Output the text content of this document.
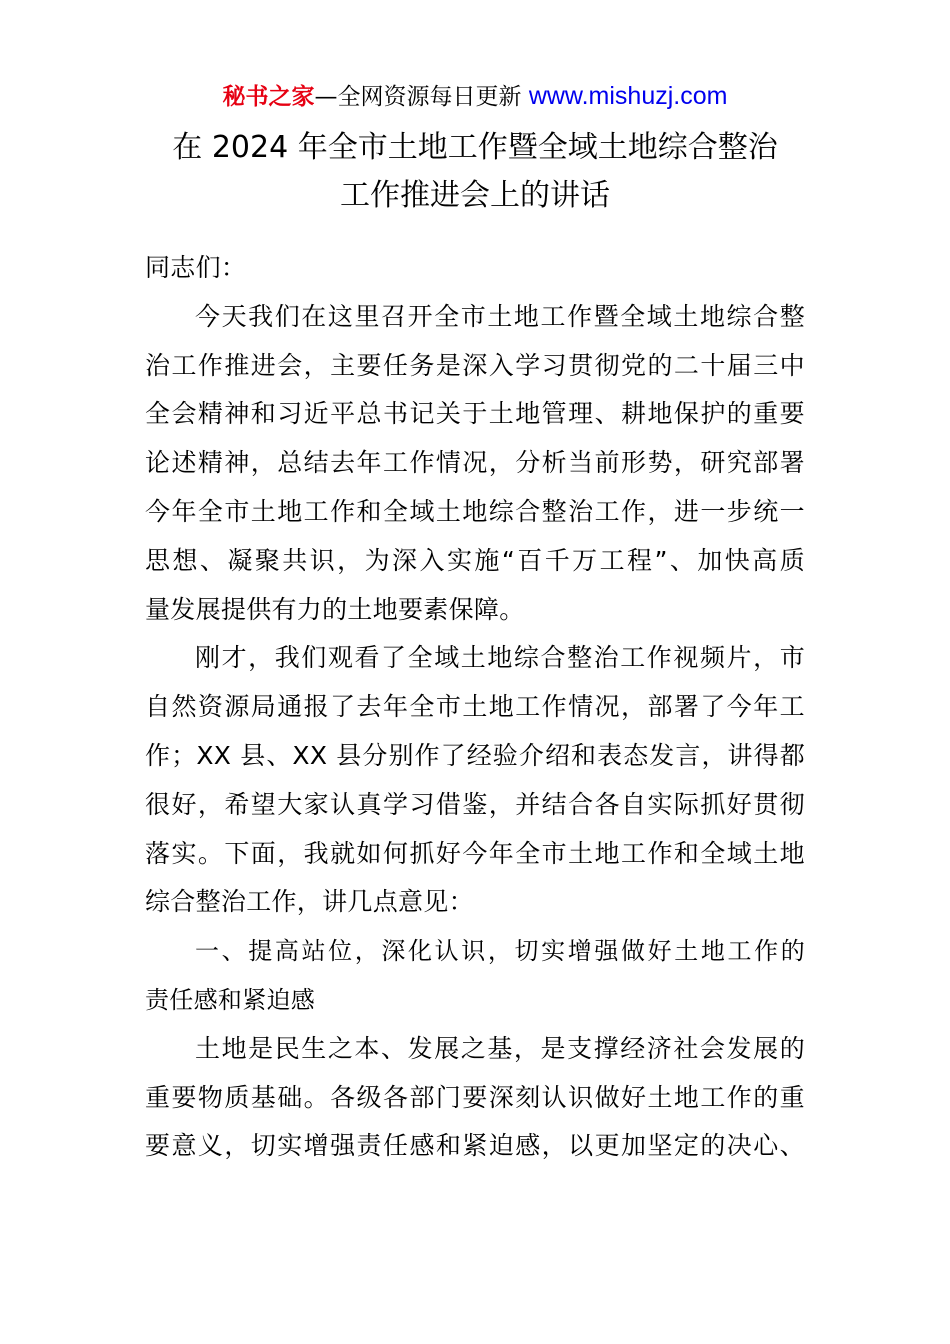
秘书之家—全网资源每日更新 www.mishuzj.com
在 2024 年全市土地工作暨全域土地综合整治
工作推进会上的讲话
同志们：
今天我们在这里召开全市土地工作暨全域土地综合整
治工作推进会，主要任务是深入学习贯彻党的二十届三中
全会精神和习近平总书记关于土地管理、耕地保护的重要
论述精神，总结去年工作情况，分析当前形势，研究部署
今年全市土地工作和全域土地综合整治工作，进一步统一
思想、凝聚共识，为深入实施“百千万工程”、加快高质
量发展提供有力的土地要素保障。
刚才，我们观看了全域土地综合整治工作视频片，市
自然资源局通报了去年全市土地工作情况，部署了今年工
作；XX 县、XX 县分别作了经验介绍和表态发言，讲得都
很好，希望大家认真学习借鉴，并结合各自实际抓好贯彻
落实。下面，我就如何抓好今年全市土地工作和全域土地
综合整治工作，讲几点意见：
一、提高站位，深化认识，切实增强做好土地工作的
责任感和紧迫感
土地是民生之本、发展之基，是支撑经济社会发展的
重要物质基础。各级各部门要深刻认识做好土地工作的重
要意义，切实增强责任感和紧迫感，以更加坚定的决心、
